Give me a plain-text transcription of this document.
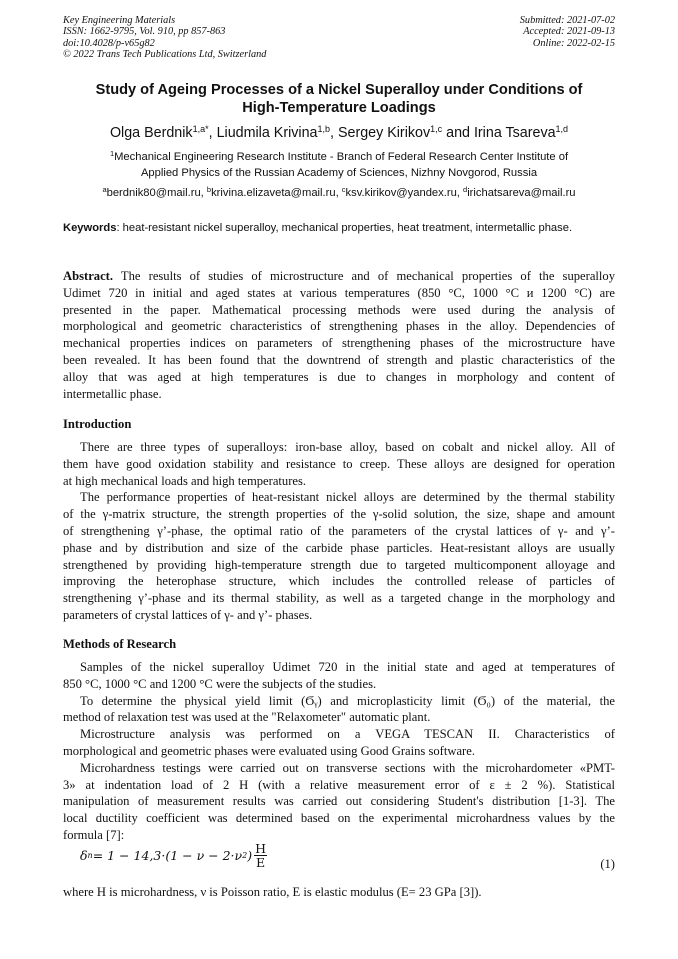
Key Engineering Materials
ISSN: 1662-9795, Vol. 910, pp 857-863
doi:10.4028/p-v65g82
© 2022 Trans Tech Publications Ltd, Switzerland
Submitted: 2021-07-02
Accepted: 2021-09-13
Online: 2022-02-15
Study of Ageing Processes of a Nickel Superalloy under Conditions of
High-Temperature Loadings
Olga Berdnik$^{1,a*}$, Liudmila Krivina$^{1,b}$, Sergey Kirikov$^{1,c}$ and Irina Tsareva$^{1,d}$
$^1$Mechanical Engineering Research Institute - Branch of Federal Research Center Institute of
Applied Physics of the Russian Academy of Sciences, Nizhny Novgorod, Russia
$^a$berdnik80@mail.ru, $^b$krivina.elizaveta@mail.ru, $^c$ksv.kirikov@yandex.ru, $^d$irichatsareva@mail.ru
Keywords: heat-resistant nickel superalloy, mechanical properties, heat treatment, intermetallic phase.
Abstract. The results of studies of microstructure and of mechanical properties of the superalloy
Udimet 720 in initial and aged states at various temperatures (850 °C, 1000 °C и 1200 °C) are
presented in the paper. Mathematical processing methods were used during the analysis of
morphological and geometric characteristics of strengthening phases in the alloy. Dependencies of
mechanical properties indices on parameters of strengthening phases of the microstructure have
been revealed. It has been found that the downtrend of strength and plastic characteristics of the
alloy that was aged at high temperatures is due to changes in morphology and content of
intermetallic phase.
Introduction
There are three types of superalloys: iron-base alloy, based on cobalt and nickel alloy. All of
them have good oxidation stability and resistance to creep. These alloys are designed for operation
at high mechanical loads and high temperatures.
The performance properties of heat-resistant nickel alloys are determined by the thermal stability
of the γ-matrix structure, the strength properties of the γ-solid solution, the size, shape and amount
of strengthening γ’-phase, the optimal ratio of the parameters of the crystal lattices of γ- and γ’-
phase and by distribution and size of the carbide phase particles. Heat-resistant alloys are usually
strengthened by providing high-temperature strength due to targeted multicomponent alloyage and
improving the heterophase structure, which includes the controlled release of particles of
strengthening γ’-phase and its thermal stability, as well as a targeted change in the morphology and
parameters of crystal lattices of γ- and γ’- phases.
Methods of Research
Samples of the nickel superalloy Udimet 720 in the initial state and aged at temperatures of
850 °C, 1000 °C and 1200 °C were the subjects of the studies.
To determine the physical yield limit (Ϭᵧ) and microplasticity limit (Ϭ₀) of the material, the
method of relaxation test was used at the "Relaxometer" automatic plant.
Microstructure analysis was performed on a VEGA TESCAN II. Characteristics of
morphological and geometric phases were evaluated using Good Grains software.
Microhardness testings were carried out on transverse sections with the microhardometer «PMT-
3» at indentation load of 2 H (with a relative measurement error of ε ± 2 %). Statistical
manipulation of measurement results was carried out considering Student's distribution [1-3]. The
local ductility coefficient was determined based on the experimental microhardness values by the
formula [7]:
δ п = 1 − 14,3·(1 − ν − 2·ν 2 ) $\frac{H}{E}$	(1)
where H is microhardness, ν is Poisson ratio, E is elastic modulus (E= 23 GPa [3]).
